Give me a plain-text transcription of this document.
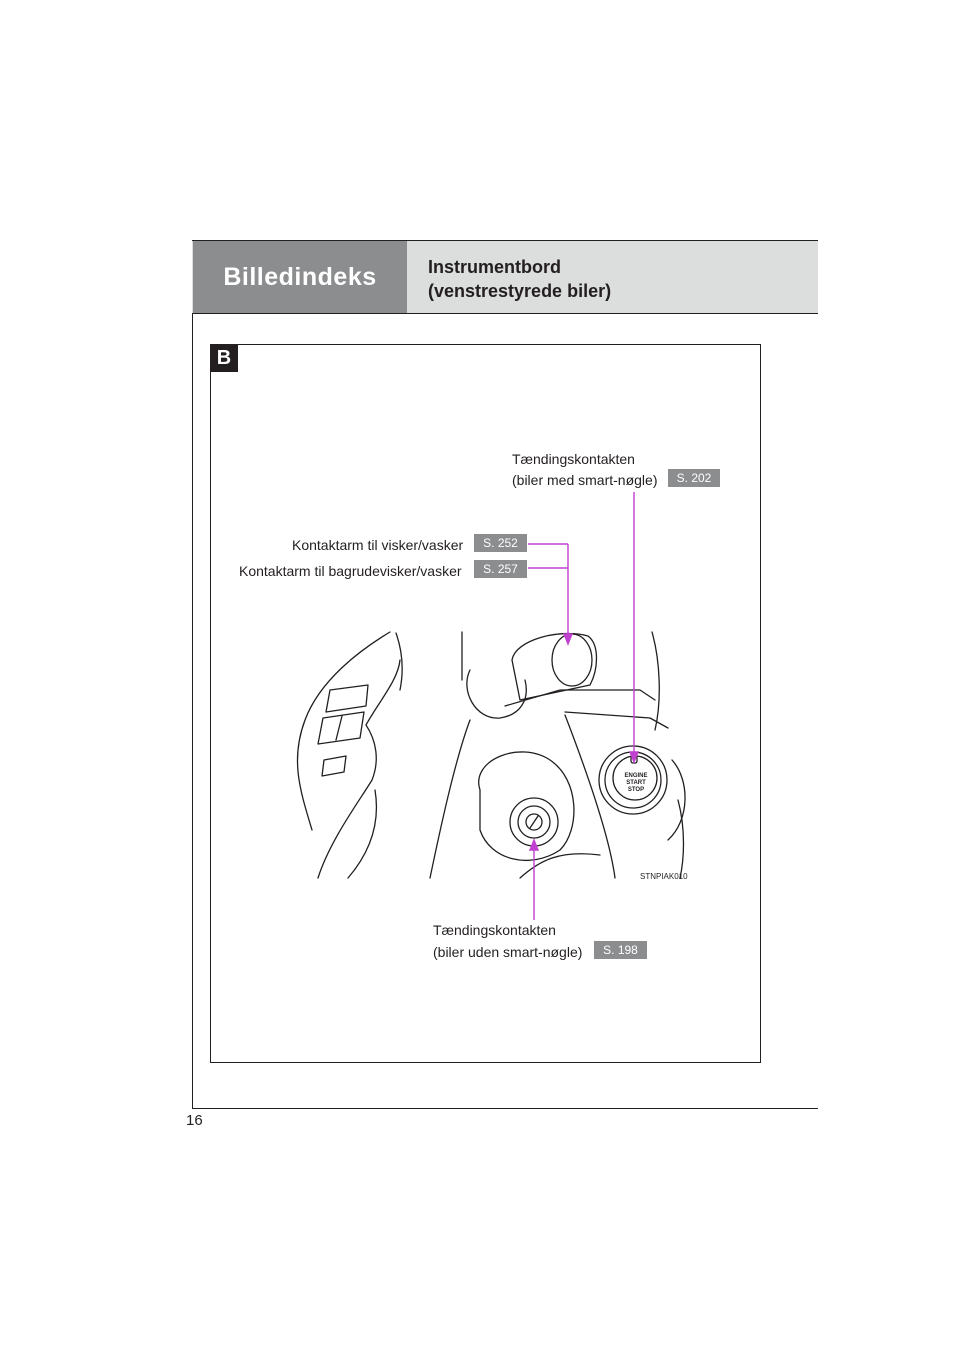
Billedindeks	Instrumentbord
(venstrestyrede biler)
B
Tændingskontakten
(biler med smart-nøgle)	S. 202
Kontaktarm til visker/vasker	S. 252
Kontaktarm til bagrudevisker/vasker	S. 257
Tændingskontakten
(biler uden smart-nøgle)	S. 198
ENGINE
START
STOP
STNPIAK010
16
